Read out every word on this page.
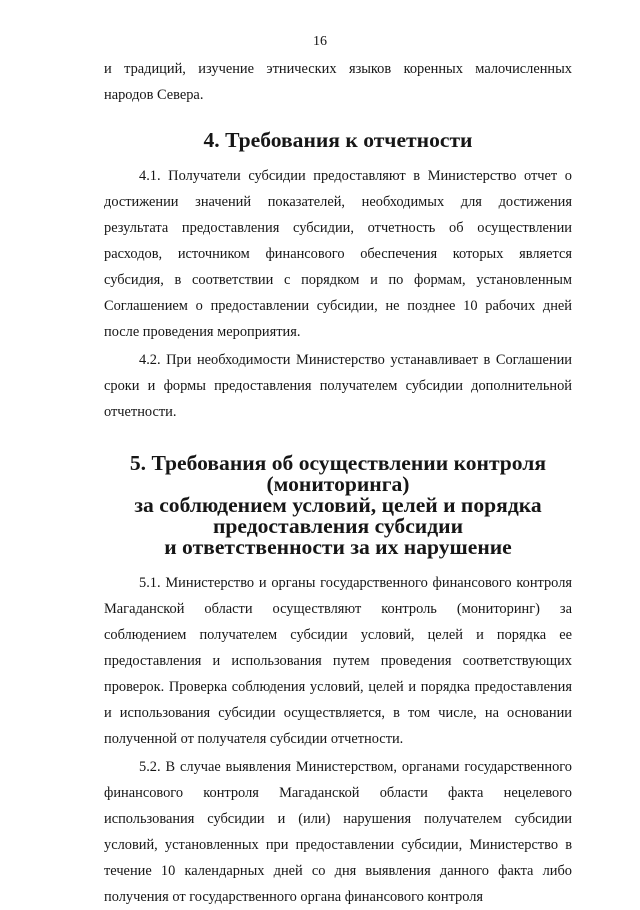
16

и традиций, изучение этнических языков коренных малочисленных народов Севера.

4. Требования к отчетности

4.1. Получатели субсидии предоставляют в Министерство отчет о достижении значений показателей, необходимых для достижения результата предоставления субсидии, отчетность об осуществлении расходов, источником финансового обеспечения которых является субсидия, в соответствии с порядком и по формам, установленным Соглашением о предоставлении субсидии, не позднее 10 рабочих дней после проведения мероприятия.

4.2. При необходимости Министерство устанавливает в Соглашении сроки и формы предоставления получателем субсидии дополнительной отчетности.

5. Требования об осуществлении контроля (мониторинга)
за соблюдением условий, целей и порядка предоставления субсидии
и ответственности за их нарушение

5.1. Министерство и органы государственного финансового контроля Магаданской области осуществляют контроль (мониторинг) за соблюдением получателем субсидии условий, целей и порядка ее предоставления и использования путем проведения соответствующих проверок. Проверка соблюдения условий, целей и порядка предоставления и использования субсидии осуществляется, в том числе, на основании полученной от получателя субсидии отчетности.

5.2. В случае выявления Министерством, органами государственного финансового контроля Магаданской области факта нецелевого использования субсидии и (или) нарушения получателем субсидии условий, установленных при предоставлении субсидии, Министерство в течение 10 календарных дней со дня выявления данного факта либо получения от государственного органа финансового контроля
